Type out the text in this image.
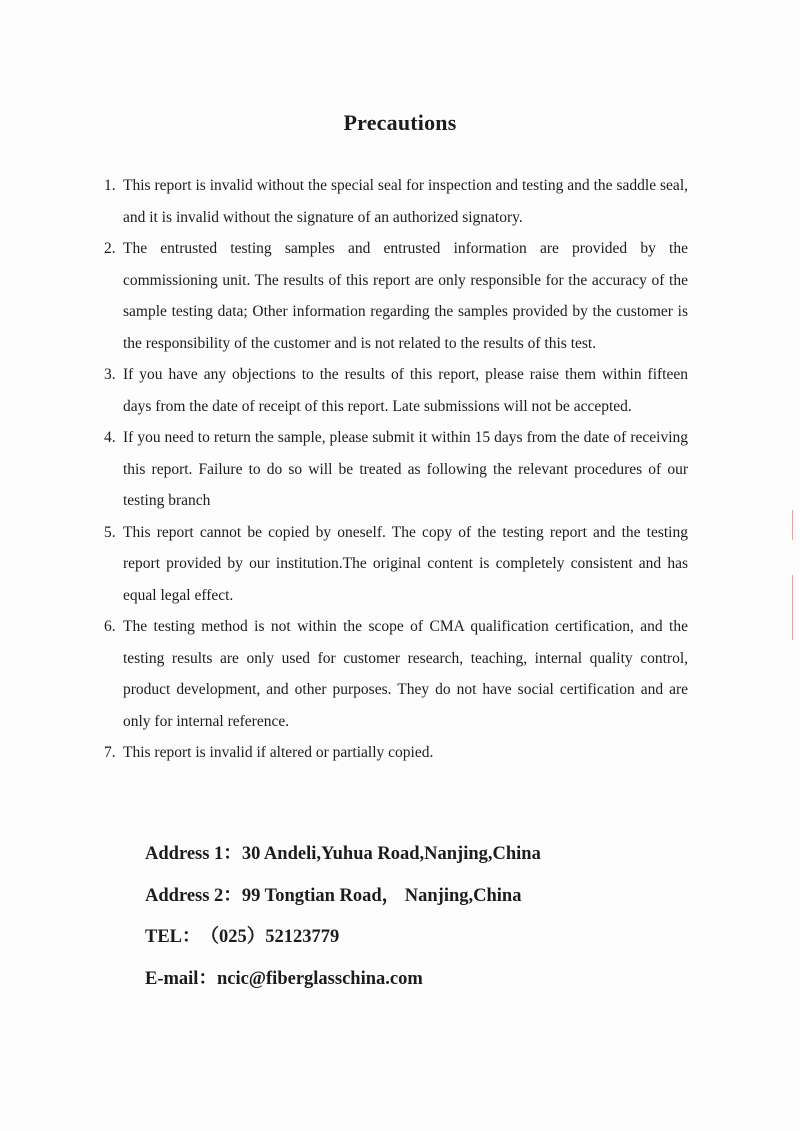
Precautions
1. This report is invalid without the special seal for inspection and testing and the saddle seal, and it is invalid without the signature of an authorized signatory.
2. The entrusted testing samples and entrusted information are provided by the commissioning unit. The results of this report are only responsible for the accuracy of the sample testing data; Other information regarding the samples provided by the customer is the responsibility of the customer and is not related to the results of this test.
3. If you have any objections to the results of this report, please raise them within fifteen days from the date of receipt of this report. Late submissions will not be accepted.
4. If you need to return the sample, please submit it within 15 days from the date of receiving this report. Failure to do so will be treated as following the relevant procedures of our testing branch
5. This report cannot be copied by oneself. The copy of the testing report and the testing report provided by our institution.The original content is completely consistent and has equal legal effect.
6. The testing method is not within the scope of CMA qualification certification, and the testing results are only used for customer research, teaching, internal quality control, product development, and other purposes. They do not have social certification and are only for internal reference.
7. This report is invalid if altered or partially copied.
Address 1： 30 Andeli,Yuhua Road,Nanjing,China
Address 2： 99 Tongtian Road， Nanjing,China
TEL： （025）52123779
E-mail： ncic@fiberglasschina.com
